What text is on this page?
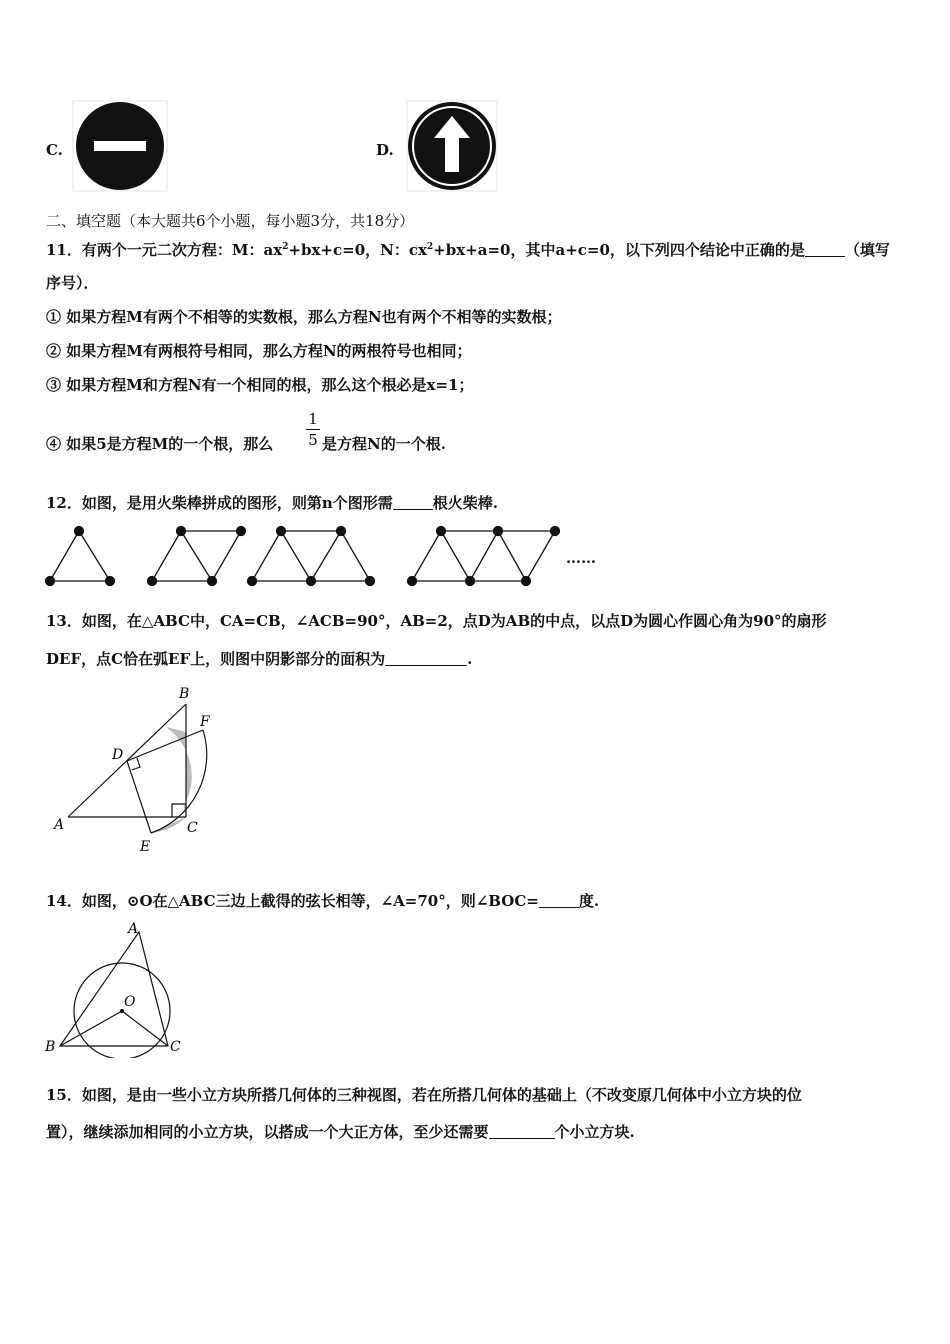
C.	D.
二、填空题（本大题共6个小题，每小题3分，共18分）
11．有两个一元二次方程：M：$ax^2+bx+c=0$，N：$cx^2+bx+a=0$，其中a+c=0，以下列四个结论中正确的是	（填写
序号）．
① 如果方程M有两个不相等的实数根，那么方程N也有两个不相等的实数根；
② 如果方程M有两根符号相同，那么方程N的两根符号也相同；
③ 如果方程M和方程N有一个相同的根，那么这个根必是x=1；
④ 如果5是方程M的一个根，那么
1
5 是方程N的一个根.
12．如图，是用火柴棒拼成的图形，则第n个图形需	根火柴棒.
……
13．如图，在△ABC中，CA=CB，∠ACB=90°，AB=2，点D为AB的中点，以点D为圆心作圆心角为90°的扇形
DEF，点C恰在弧EF上，则图中阴影部分的面积为	.
B
F
D
A	C
E
14．如图，⊙O在△ABC三边上截得的弦长相等，∠A=70°，则∠BOC=	度.
A
O
B	C
15．如图，是由一些小立方块所搭几何体的三种视图，若在所搭几何体的基础上（不改变原几何体中小立方块的位
置），继续添加相同的小立方块，以搭成一个大正方体，至少还需要	个小立方块.
